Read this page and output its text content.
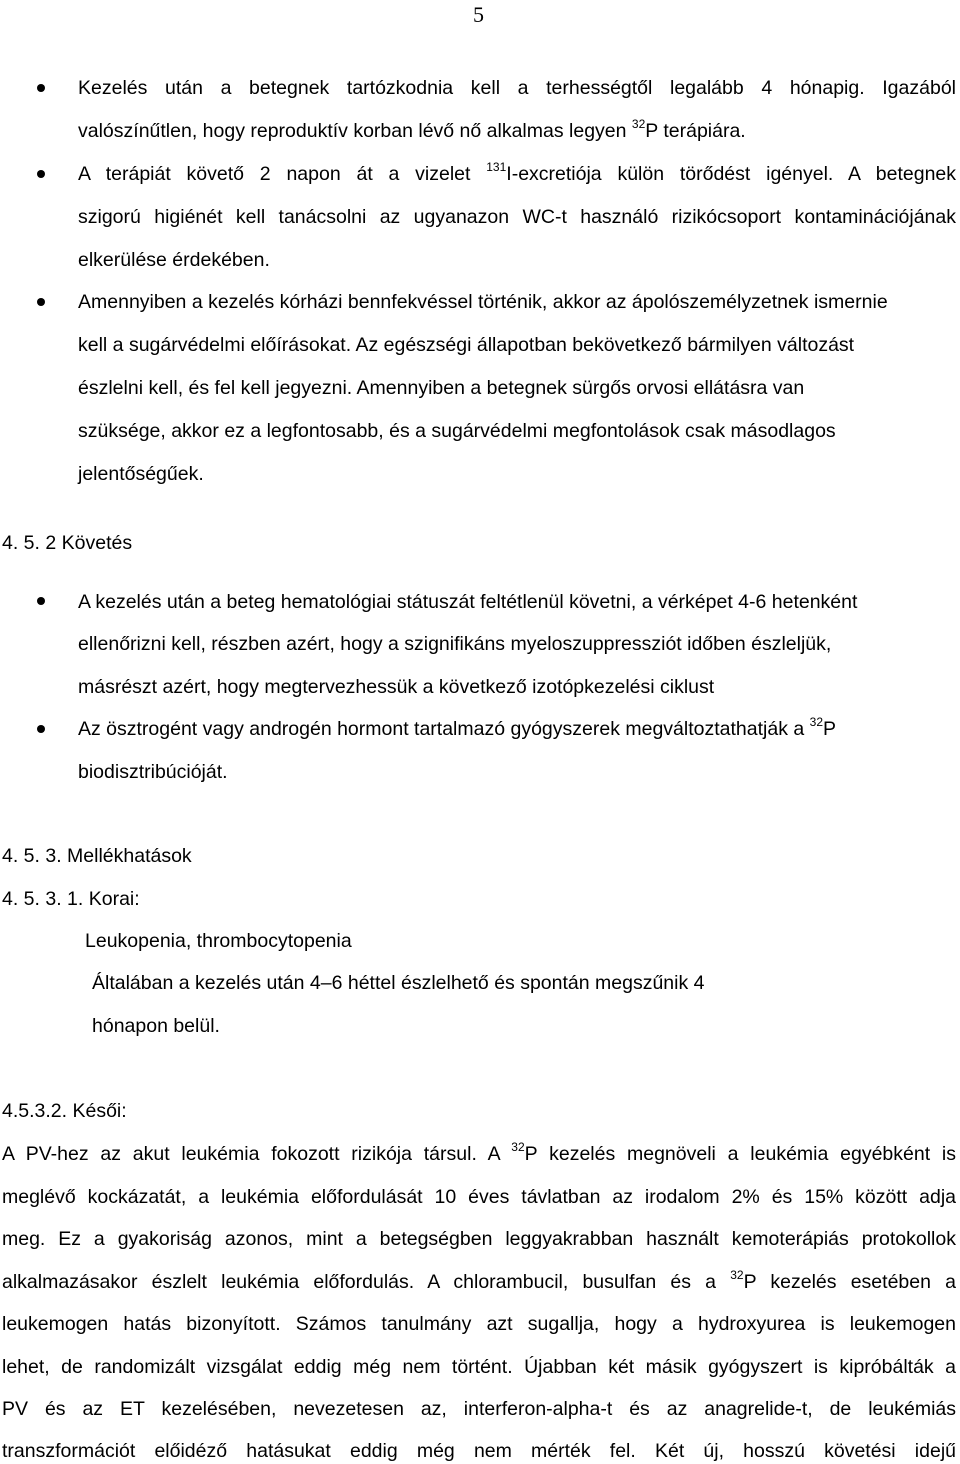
5
Kezelés után a betegnek tartózkodnia kell a terhességtől legalább 4 hónapig. Igazából
valószínűtlen, hogy reproduktív korban lévő nő alkalmas legyen $^{32}$P terápiára.
A terápiát követő 2 napon át a vizelet $^{131}$I-excretiója külön törődést igényel. A betegnek
szigorú higiénét kell tanácsolni az ugyanazon WC-t használó rizikócsoport kontaminációjának
elkerülése érdekében.
Amennyiben a kezelés kórházi bennfekvéssel történik, akkor az ápolószemélyzetnek ismernie
kell a sugárvédelmi előírásokat. Az egészségi állapotban bekövetkező bármilyen változást
észlelni kell, és fel kell jegyezni. Amennyiben a betegnek sürgős orvosi ellátásra van
szüksége, akkor ez a legfontosabb, és a sugárvédelmi megfontolások csak másodlagos
jelentőségűek.
4. 5. 2 Követés
A kezelés után a beteg hematológiai státuszát feltétlenül követni, a vérképet 4-6 hetenként
ellenőrizni kell, részben azért, hogy a szignifikáns myeloszuppressziót időben észleljük,
másrészt azért, hogy megtervezhessük a következő izotópkezelési ciklust
Az ösztrogént vagy androgén hormont tartalmazó gyógyszerek megváltoztathatják a $^{32}$P
biodisztribúcióját.
4. 5. 3. Mellékhatások
4. 5. 3. 1. Korai:
Leukopenia, thrombocytopenia
Általában a kezelés után 4–6 héttel észlelhető és spontán megszűnik 4
hónapon belül.
4.5.3.2. Késői:
A PV-hez az akut leukémia fokozott rizikója társul. A $^{32}$P kezelés megnöveli a leukémia egyébként is
meglévő kockázatát, a leukémia előfordulását 10 éves távlatban az irodalom 2% és 15% között adja
meg. Ez a gyakoriság azonos, mint a betegségben leggyakrabban használt kemoterápiás protokollok
alkalmazásakor észlelt leukémia előfordulás. A chlorambucil, busulfan és a $^{32}$P kezelés esetében a
leukemogen hatás bizonyított. Számos tanulmány azt sugallja, hogy a hydroxyurea is leukemogen
lehet, de randomizált vizsgálat eddig még nem történt. Újabban két másik gyógyszert is kipróbálták a
PV és az ET kezelésében, nevezetesen az, interferon-alpha-t és az anagrelide-t, de leukémiás
transzformációt előidéző hatásukat eddig még nem mérték fel. Két új, hosszú követési idejű
